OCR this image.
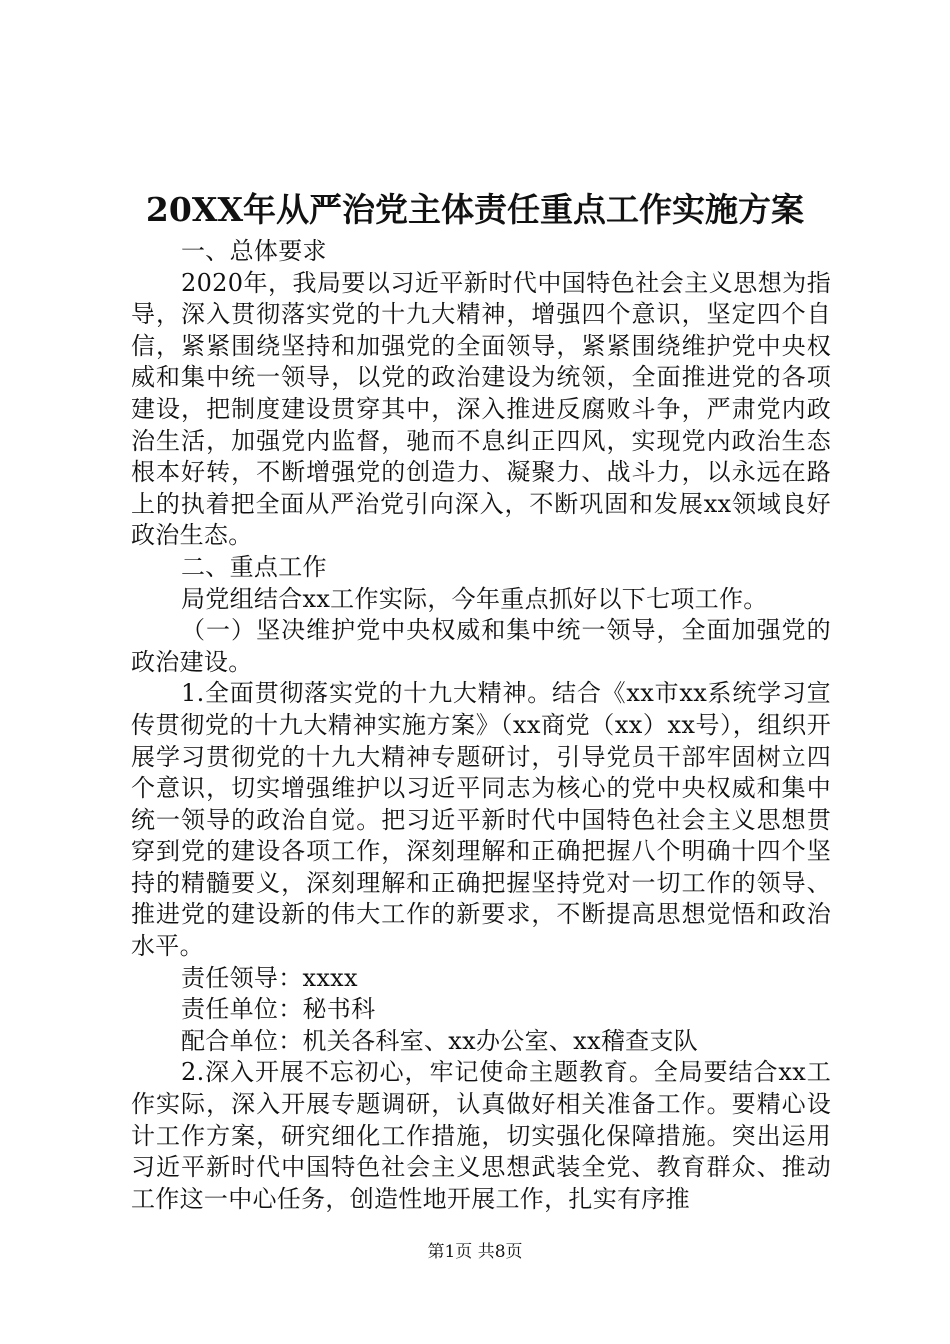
20XX年从严治党主体责任重点工作实施方案

一、总体要求

2020年，我局要以习近平新时代中国特色社会主义思想为指导，深入贯彻落实党的十九大精神，增强四个意识，坚定四个自信，紧紧围绕坚持和加强党的全面领导，紧紧围绕维护党中央权威和集中统一领导，以党的政治建设为统领，全面推进党的各项建设，把制度建设贯穿其中，深入推进反腐败斗争，严肃党内政治生活，加强党内监督，驰而不息纠正四风，实现党内政治生态根本好转，不断增强党的创造力、凝聚力、战斗力，以永远在路上的执着把全面从严治党引向深入，不断巩固和发展xx领域良好政治生态。

二、重点工作

局党组结合xx工作实际，今年重点抓好以下七项工作。

（一）坚决维护党中央权威和集中统一领导，全面加强党的政治建设。

1.全面贯彻落实党的十九大精神。结合《xx市xx系统学习宣传贯彻党的十九大精神实施方案》（xx商党（xx）xx号），组织开展学习贯彻党的十九大精神专题研讨，引导党员干部牢固树立四个意识，切实增强维护以习近平同志为核心的党中央权威和集中统一领导的政治自觉。把习近平新时代中国特色社会主义思想贯穿到党的建设各项工作，深刻理解和正确把握八个明确十四个坚持的精髓要义，深刻理解和正确把握坚持党对一切工作的领导、推进党的建设新的伟大工作的新要求，不断提高思想觉悟和政治水平。

责任领导：xxxx

责任单位：秘书科

配合单位：机关各科室、xx办公室、xx稽查支队

2.深入开展不忘初心，牢记使命主题教育。全局要结合xx工作实际，深入开展专题调研，认真做好相关准备工作。要精心设计工作方案，研究细化工作措施，切实强化保障措施。突出运用习近平新时代中国特色社会主义思想武装全党、教育群众、推动工作这一中心任务，创造性地开展工作，扎实有序推

第1页 共8页
